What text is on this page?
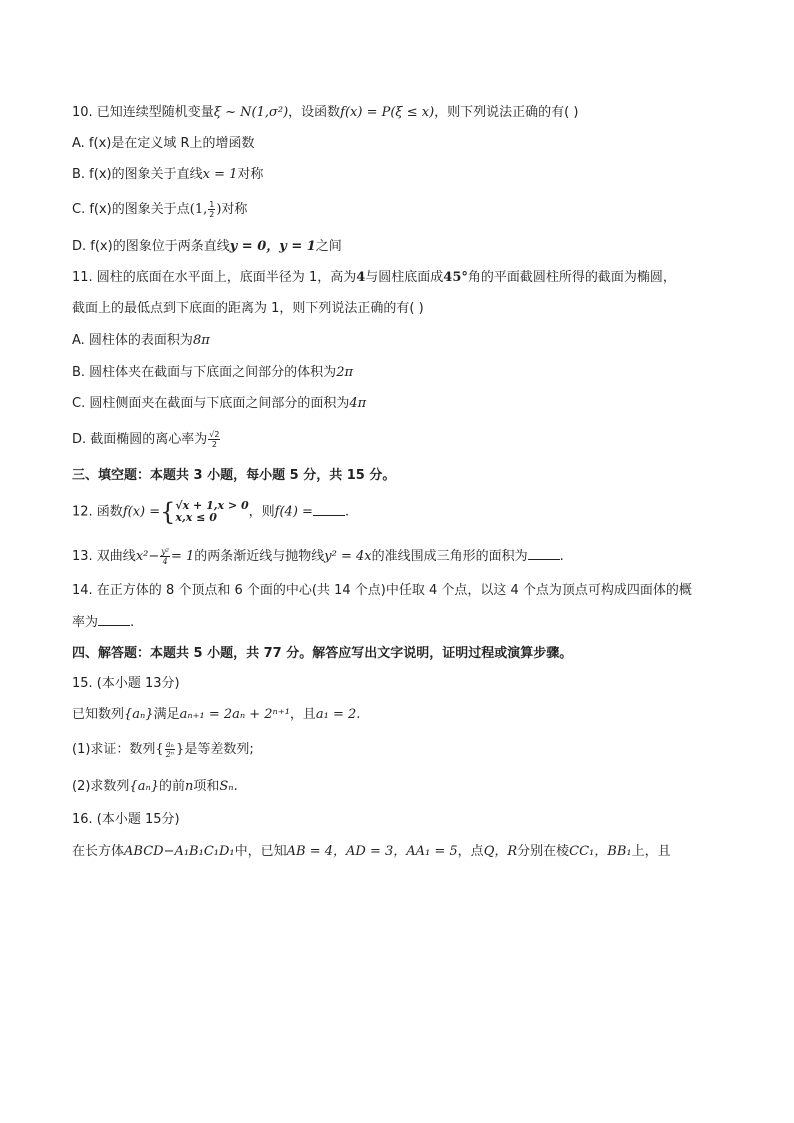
10. 已知连续型随机变量ξ ~ N(1,σ²)，设函数f(x) = P(ξ ≤ x)，则下列说法正确的有( )
A. f(x)是在定义域 R上的增函数
B. f(x)的图象关于直线x = 1对称
C. f(x)的图象关于点(1, $\frac{1}{2}$ )对称
D. f(x)的图象位于两条直线y = 0，y = 1之间
11. 圆柱的底面在水平面上，底面半径为 1，高为4与圆柱底面成45°角的平面截圆柱所得的截面为椭圆，
截面上的最低点到下底面的距离为 1，则下列说法正确的有( )
A. 圆柱体的表面积为8π
B. 圆柱体夹在截面与下底面之间部分的体积为2π
C. 圆柱侧面夹在截面与下底面之间部分的面积为4π
D. 截面椭圆的离心率为 $\frac{√2}{2}$
三、填空题：本题共 3 小题，每小题 5 分，共 15 分。
12. 函数f(x) ={ √x + 1,x > 0
x,x ≤ 0	，则f(4) = .
13. 双曲线$x^2- \frac{\text{y²}}{4} = 1$的两条渐近线与抛物线y² = 4x的准线围成三角形的面积为 .
14. 在正方体的 8 个顶点和 6 个面的中心(共 14 个点)中任取 4 个点，以这 4 个点为顶点可构成四面体的概
率为 .
四、解答题：本题共 5 小题，共 77 分。解答应写出文字说明，证明过程或演算步骤。
15. (本小题 13分)
已知数列{aₙ}满足aₙ₊₁ = 2aₙ + 2ⁿ⁺¹，且a₁ = 2.
(1)求证：数列{ $\frac{\text{aₙ}}{\text{2ⁿ}}$ }是等差数列;
(2)求数列{aₙ}的前n项和Sₙ.
16. (本小题 15分)
在长方体ABCD−A₁B₁C₁D₁中，已知AB = 4，AD = 3，AA₁ = 5，点Q，R分别在棱CC₁，BB₁上，且
